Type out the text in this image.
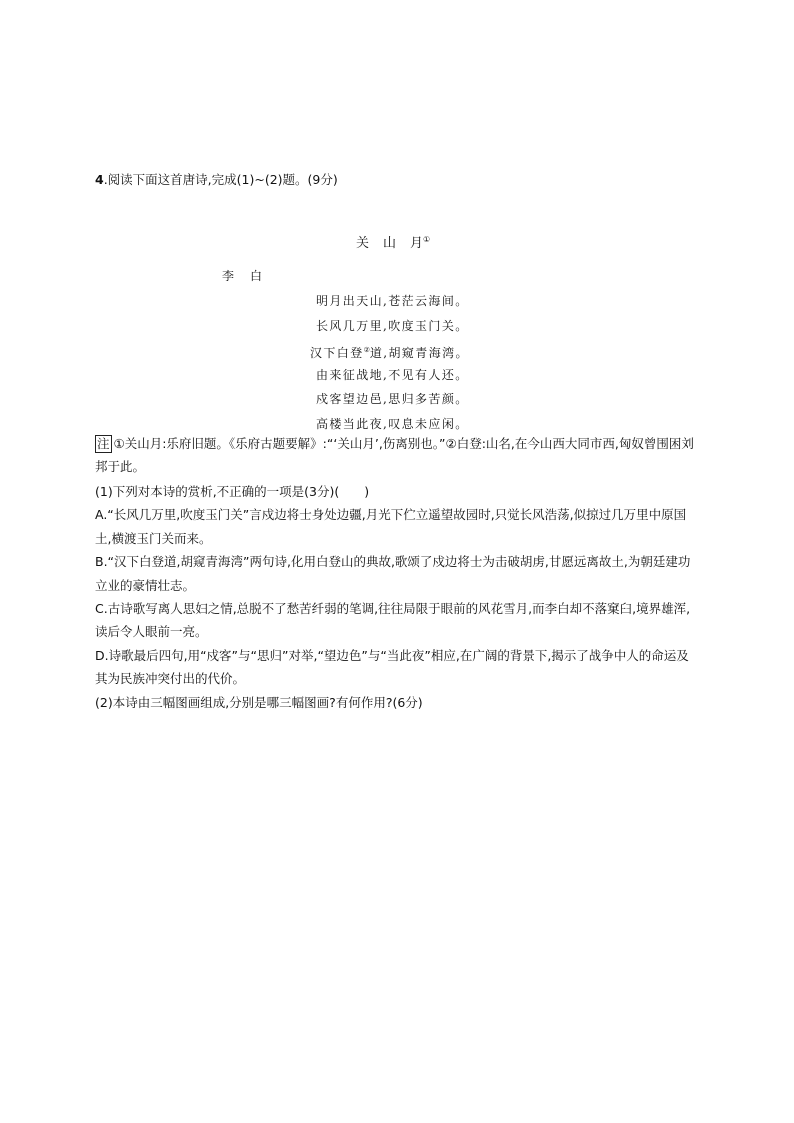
4.阅读下面这首唐诗,完成(1)~(2)题。(9分)
关 山 月①
李 白
明月出天山,苍茫云海间。
长风几万里,吹度玉门关。
汉下白登②道,胡窥青海湾。
由来征战地,不见有人还。
戍客望边邑,思归多苦颜。
高楼当此夜,叹息未应闲。
注 ①关山月:乐府旧题。《乐府古题要解》:“‘关山月’,伤离别也。”②白登:山名,在今山西大同市西,匈奴曾围困刘邦于此。

(1)下列对本诗的赏析,不正确的一项是(3分)(　　)

A.“长风几万里,吹度玉门关”言戍边将士身处边疆,月光下伫立遥望故园时,只觉长风浩荡,似掠过几万里中原国土,横渡玉门关而来。

B.“汉下白登道,胡窥青海湾”两句诗,化用白登山的典故,歌颂了戍边将士为击破胡虏,甘愿远离故土,为朝廷建功立业的豪情壮志。

C.古诗歌写离人思妇之情,总脱不了愁苦纤弱的笔调,往往局限于眼前的风花雪月,而李白却不落窠臼,境界雄浑,读后令人眼前一亮。

D.诗歌最后四句,用“戍客”与“思归”对举,“望边色”与“当此夜”相应,在广阔的背景下,揭示了战争中人的命运及其为民族冲突付出的代价。

(2)本诗由三幅图画组成,分别是哪三幅图画?有何作用?(6分)
